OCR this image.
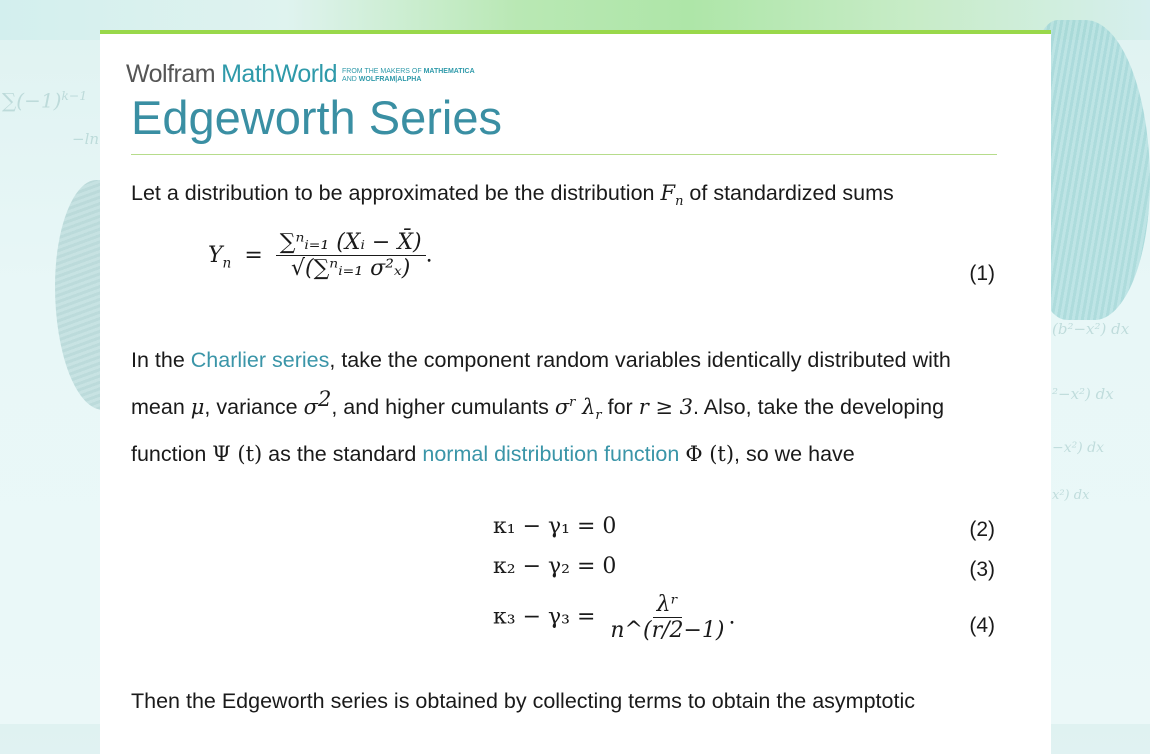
$\sum(-1)^{k-1}$
−ln
(b²−x²) dx
²−x²) dx
−x²) dx
x²) dx
Wolfram MathWorld FROM THE MAKERS OF MATHEMATICA
AND WOLFRAM|ALPHA
Edgeworth Series
Let a distribution to be approximated be the distribution $F_n$ of standardized sums
$Y_n = \frac{\text{∑ⁿᵢ₌₁ (Xᵢ − X̄)}}{\text{√(∑ⁿᵢ₌₁ σ²ₓ)}}$ .
(1)
In the Charlier series, take the component random variables identically distributed with mean μ, variance $\sigma^2$, and higher cumulants $\sigma^r$ $\lambda_r$ for r ≥ 3. Also, take the developing function Ψ (t) as the standard normal distribution function Φ (t), so we have
κ₁ − γ₁ = 0	(2)
κ₂ − γ₂ = 0	(3)
$\kappa_3 - \gamma_3 = \frac{\text{λʳ}}{n\^{}(r/2-1)}$ .	(4)
Then the Edgeworth series is obtained by collecting terms to obtain the asymptotic
